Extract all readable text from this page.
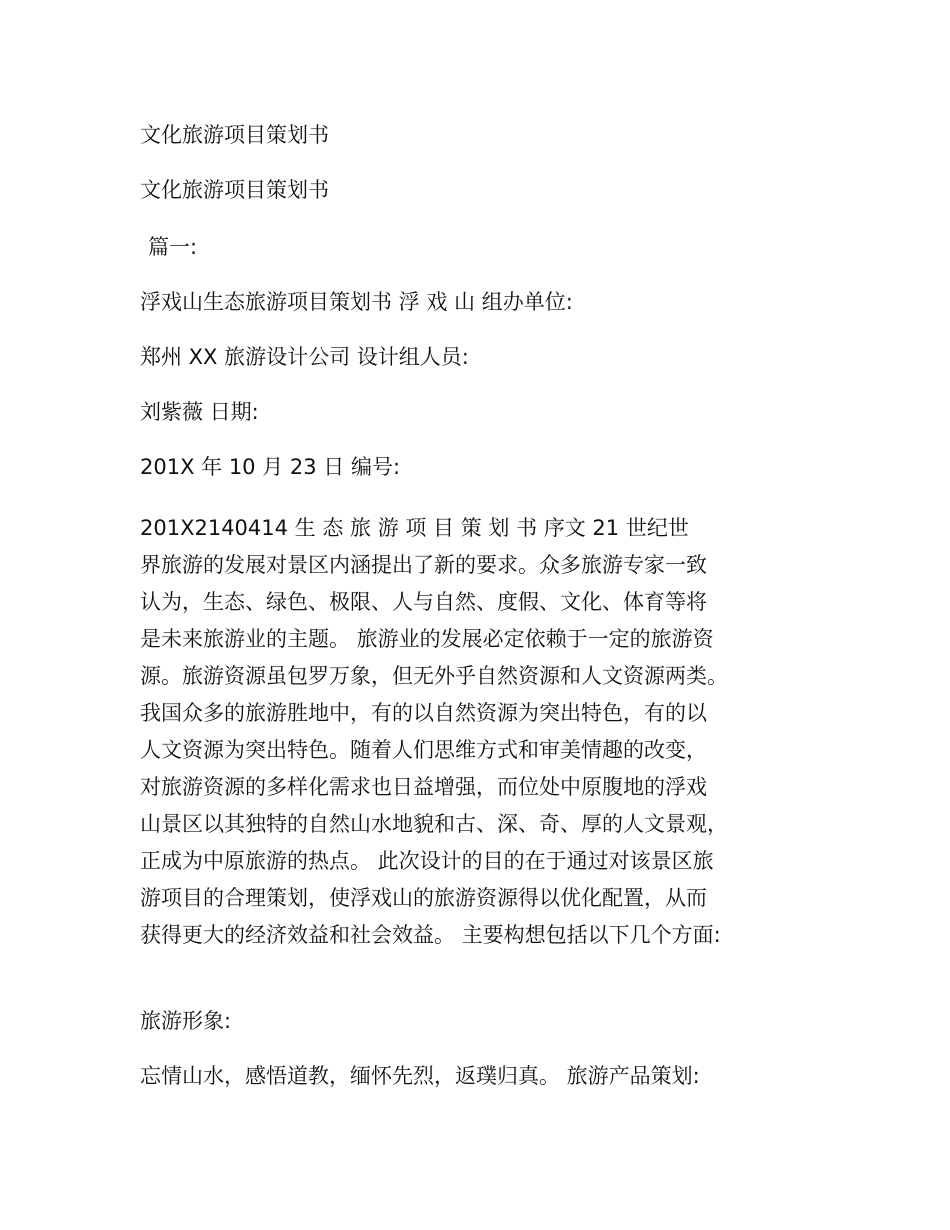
文化旅游项目策划书
文化旅游项目策划书
篇一:
浮戏山生态旅游项目策划书 浮 戏 山 组办单位:
郑州 XX 旅游设计公司 设计组人员:
刘紫薇 日期:
201X 年 10 月 23 日 编号:
201X2140414 生 态 旅 游 项 目 策 划 书 序文 21 世纪世
界旅游的发展对景区内涵提出了新的要求。众多旅游专家一致
认为，生态、绿色、极限、人与自然、度假、文化、体育等将
是未来旅游业的主题。 旅游业的发展必定依赖于一定的旅游资
源。旅游资源虽包罗万象，但无外乎自然资源和人文资源两类。
我国众多的旅游胜地中，有的以自然资源为突出特色，有的以
人文资源为突出特色。随着人们思维方式和审美情趣的改变，
对旅游资源的多样化需求也日益增强，而位处中原腹地的浮戏
山景区以其独特的自然山水地貌和古、深、奇、厚的人文景观，
正成为中原旅游的热点。 此次设计的目的在于通过对该景区旅
游项目的合理策划，使浮戏山的旅游资源得以优化配置，从而
获得更大的经济效益和社会效益。 主要构想包括以下几个方面:
旅游形象:
忘情山水，感悟道教，缅怀先烈，返璞归真。 旅游产品策划:
